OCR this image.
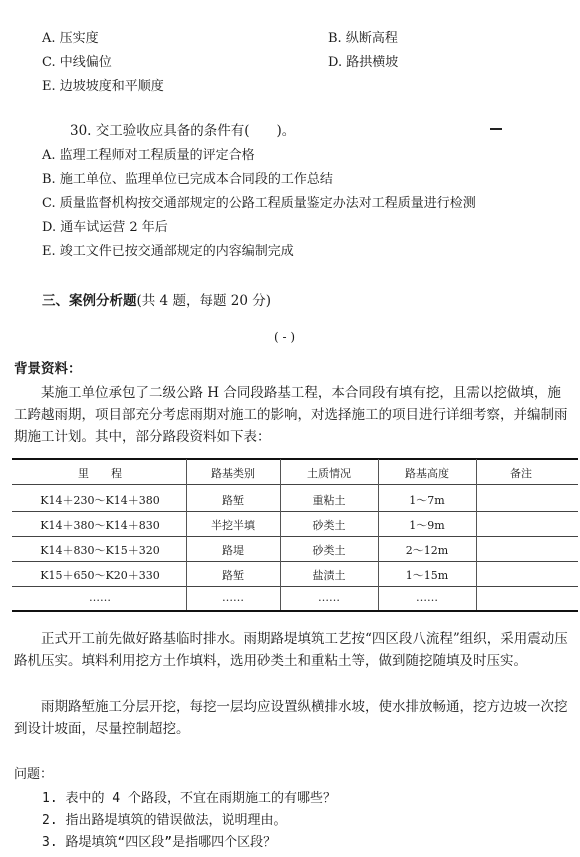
A. 压实度	B. 纵断高程
C. 中线偏位	D. 路拱横坡
E. 边坡坡度和平顺度
30. 交工验收应具备的条件有(　　)。
A. 监理工程师对工程质量的评定合格
B. 施工单位、监理单位已完成本合同段的工作总结
C. 质量监督机构按交通部规定的公路工程质量鉴定办法对工程质量进行检测
D. 通车试运营 2 年后
E. 竣工文件已按交通部规定的内容编制完成
三、案例分析题(共 4 题，每题 20 分)
( - )
背景资料：
某施工单位承包了二级公路 H 合同段路基工程，本合同段有填有挖，且需以挖做填，施工跨越雨期，项目部充分考虑雨期对施工的影响，对选择施工的项目进行详细考察，并编制雨期施工计划。其中，部分路段资料如下表：
里　　程	路基类别	土质情况	路基高度	备注
K14＋230～K14＋380	路堑	重粘土	1～7m
K14＋380～K14＋830	半挖半填	砂类土	1～9m
K14＋830～K15＋320	路堤	砂类土	2～12m
K15＋650～K20＋330	路堑	盐渍土	1～15m
……	……	……	……
正式开工前先做好路基临时排水。雨期路堤填筑工艺按“四区段八流程”组织，采用震动压路机压实。填料利用挖方土作填料，选用砂类土和重粘土等，做到随挖随填及时压实。
雨期路堑施工分层开挖，每挖一层均应设置纵横排水坡，使水排放畅通，挖方边坡一次挖到设计坡面，尽量控制超挖。
问题：
1. 表中的 4 个路段，不宜在雨期施工的有哪些？
2. 指出路堤填筑的错误做法，说明理由。
3. 路堤填筑“四区段”是指哪四个区段？
